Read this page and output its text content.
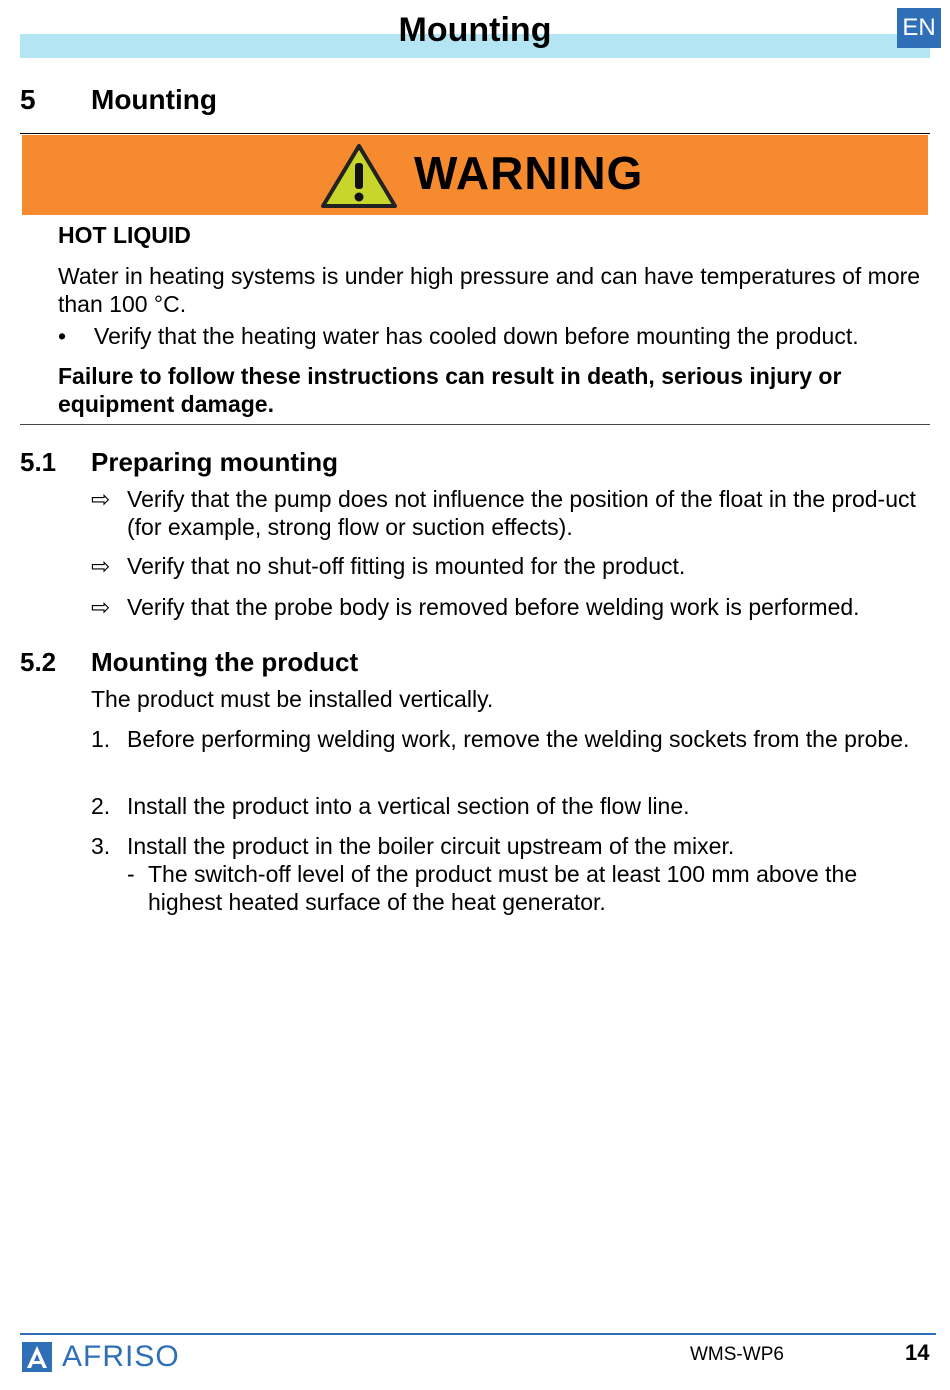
Mounting	EN
5 Mounting
WARNING
HOT LIQUID
Water in heating systems is under high pressure and can have temperatures of more than 100 °C.
• Verify that the heating water has cooled down before mounting the product.
Failure to follow these instructions can result in death, serious injury or equipment damage.
5.1 Preparing mounting
⇨ Verify that the pump does not influence the position of the float in the prod-uct (for example, strong flow or suction effects).
⇨ Verify that no shut-off fitting is mounted for the product.
⇨ Verify that the probe body is removed before welding work is performed.
5.2 Mounting the product
The product must be installed vertically.
1. Before performing welding work, remove the welding sockets from the probe.
2. Install the product into a vertical section of the flow line.
3. Install the product in the boiler circuit upstream of the mixer.
- The switch-off level of the product must be at least 100 mm above the highest heated surface of the heat generator.
AFRISO	WMS-WP6	14
